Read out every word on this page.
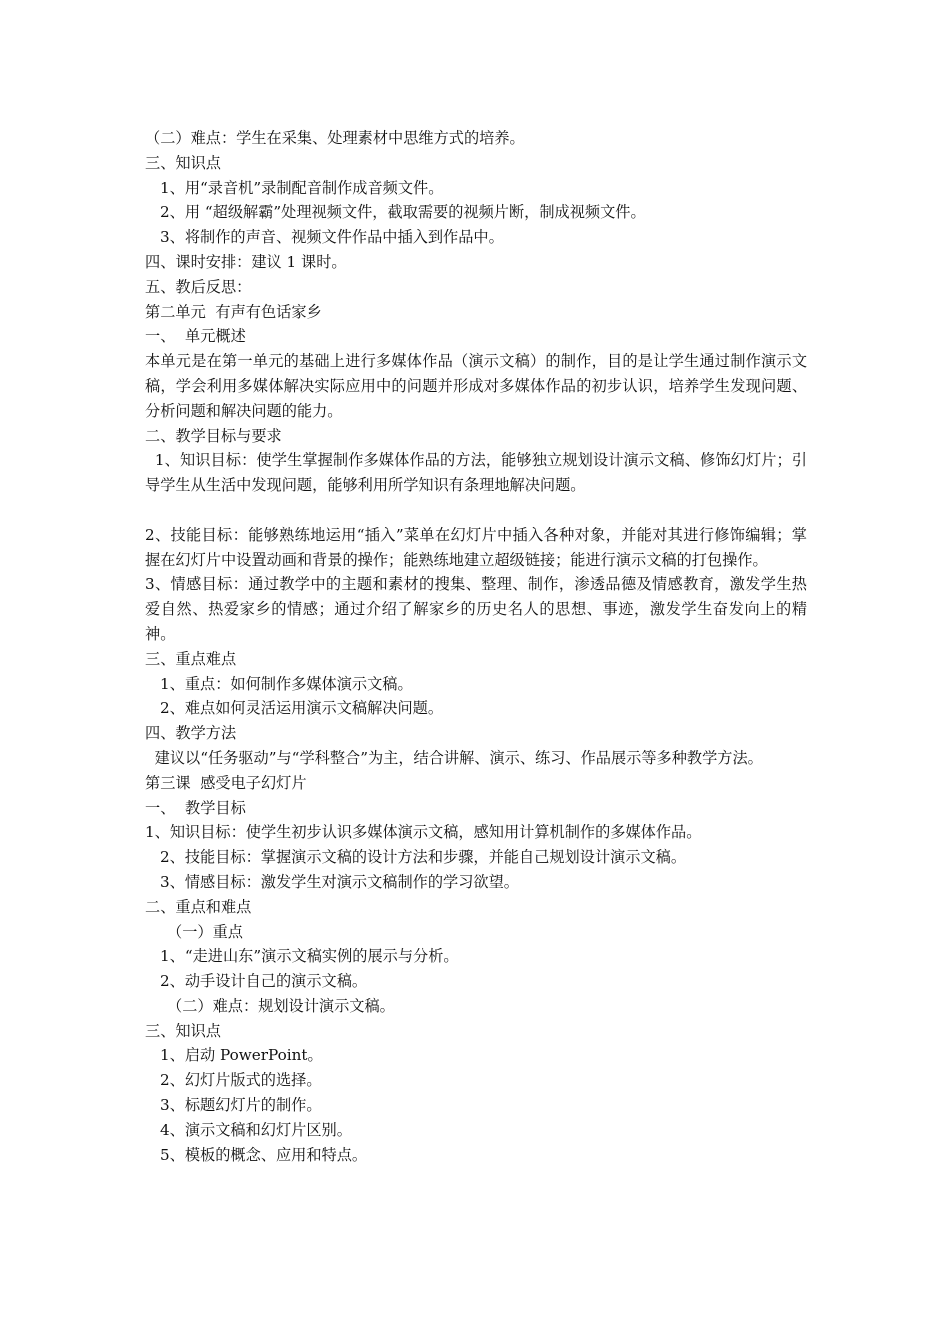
（二）难点：学生在采集、处理素材中思维方式的培养。
三、知识点
1、用“录音机”录制配音制作成音频文件。
2、用 “超级解霸”处理视频文件，截取需要的视频片断，制成视频文件。
3、将制作的声音、视频文件作品中插入到作品中。
四、课时安排：建议 1 课时。
五、教后反思：
第二单元  有声有色话家乡
一、  单元概述
本单元是在第一单元的基础上进行多媒体作品（演示文稿）的制作，目的是让学生通过制作演示文稿，学会利用多媒体解决实际应用中的问题并形成对多媒体作品的初步认识，培养学生发现问题、分析问题和解决问题的能力。
二、教学目标与要求
1、知识目标：使学生掌握制作多媒体作品的方法，能够独立规划设计演示文稿、修饰幻灯片；引导学生从生活中发现问题，能够利用所学知识有条理地解决问题。
2、技能目标：能够熟练地运用“插入”菜单在幻灯片中插入各种对象，并能对其进行修饰编辑；掌握在幻灯片中设置动画和背景的操作；能熟练地建立超级链接；能进行演示文稿的打包操作。
3、情感目标：通过教学中的主题和素材的搜集、整理、制作，渗透品德及情感教育，激发学生热爱自然、热爱家乡的情感；通过介绍了解家乡的历史名人的思想、事迹，激发学生奋发向上的精神。
三、重点难点
1、重点：如何制作多媒体演示文稿。
2、难点如何灵活运用演示文稿解决问题。
四、教学方法
建议以“任务驱动”与“学科整合”为主，结合讲解、演示、练习、作品展示等多种教学方法。
第三课  感受电子幻灯片
一、  教学目标
1、知识目标：使学生初步认识多媒体演示文稿，感知用计算机制作的多媒体作品。
2、技能目标：掌握演示文稿的设计方法和步骤，并能自己规划设计演示文稿。
3、情感目标：激发学生对演示文稿制作的学习欲望。
二、重点和难点
（一）重点
1、“走进山东”演示文稿实例的展示与分析。
2、动手设计自己的演示文稿。
（二）难点：规划设计演示文稿。
三、知识点
1、启动 PowerPoint。
2、幻灯片版式的选择。
3、标题幻灯片的制作。
4、演示文稿和幻灯片区别。
5、模板的概念、应用和特点。
